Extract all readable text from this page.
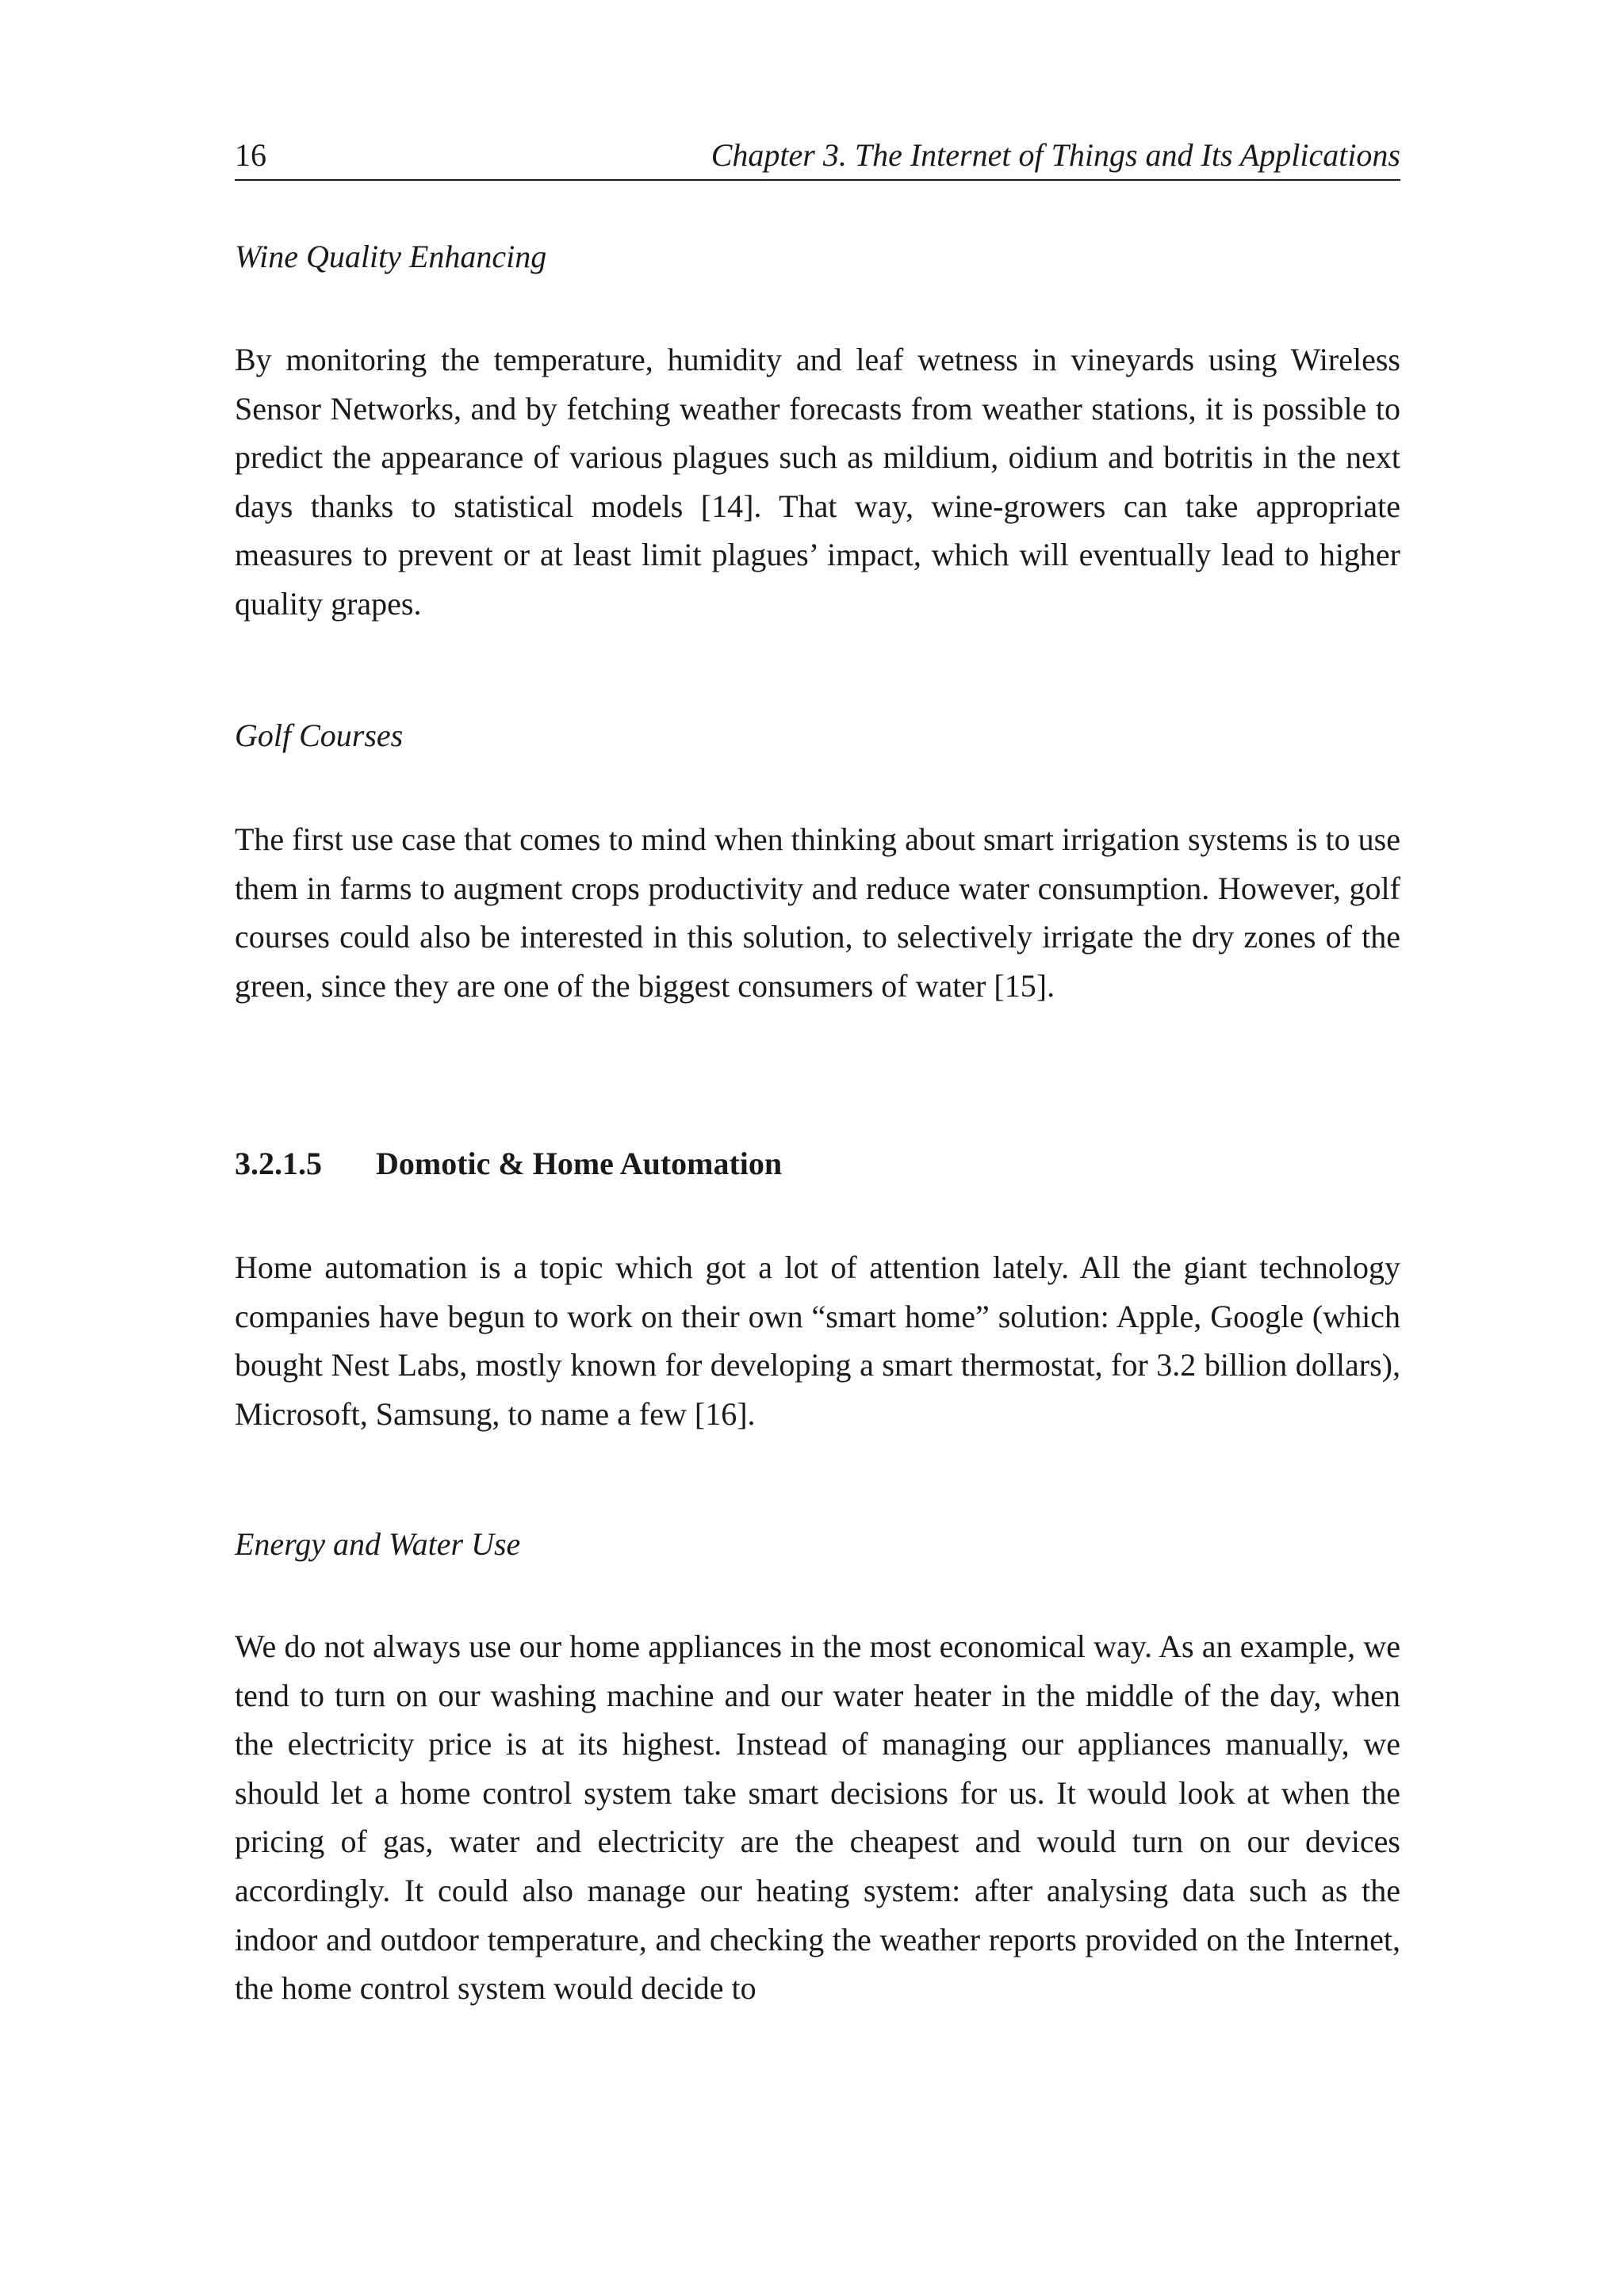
16	Chapter 3. The Internet of Things and Its Applications
Wine Quality Enhancing

By monitoring the temperature, humidity and leaf wetness in vineyards using Wireless Sensor Networks, and by fetching weather forecasts from weather stations, it is possible to predict the appearance of various plagues such as mildium, oidium and botritis in the next days thanks to statistical models [14]. That way, wine-growers can take appropriate measures to prevent or at least limit plagues’ impact, which will eventually lead to higher quality grapes.

Golf Courses

The first use case that comes to mind when thinking about smart irrigation systems is to use them in farms to augment crops productivity and reduce water consumption. However, golf courses could also be interested in this solution, to selectively irrigate the dry zones of the green, since they are one of the biggest consumers of water [15].

3.2.1.5 Domotic & Home Automation

Home automation is a topic which got a lot of attention lately. All the giant technology companies have begun to work on their own “smart home” solution: Apple, Google (which bought Nest Labs, mostly known for developing a smart thermostat, for 3.2 billion dollars), Microsoft, Samsung, to name a few [16].

Energy and Water Use

We do not always use our home appliances in the most economical way. As an example, we tend to turn on our washing machine and our water heater in the middle of the day, when the electricity price is at its highest. Instead of managing our appliances manually, we should let a home control system take smart decisions for us. It would look at when the pricing of gas, water and electricity are the cheapest and would turn on our devices accordingly. It could also manage our heating system: after analysing data such as the indoor and outdoor temperature, and checking the weather reports provided on the Internet, the home control system would decide to
